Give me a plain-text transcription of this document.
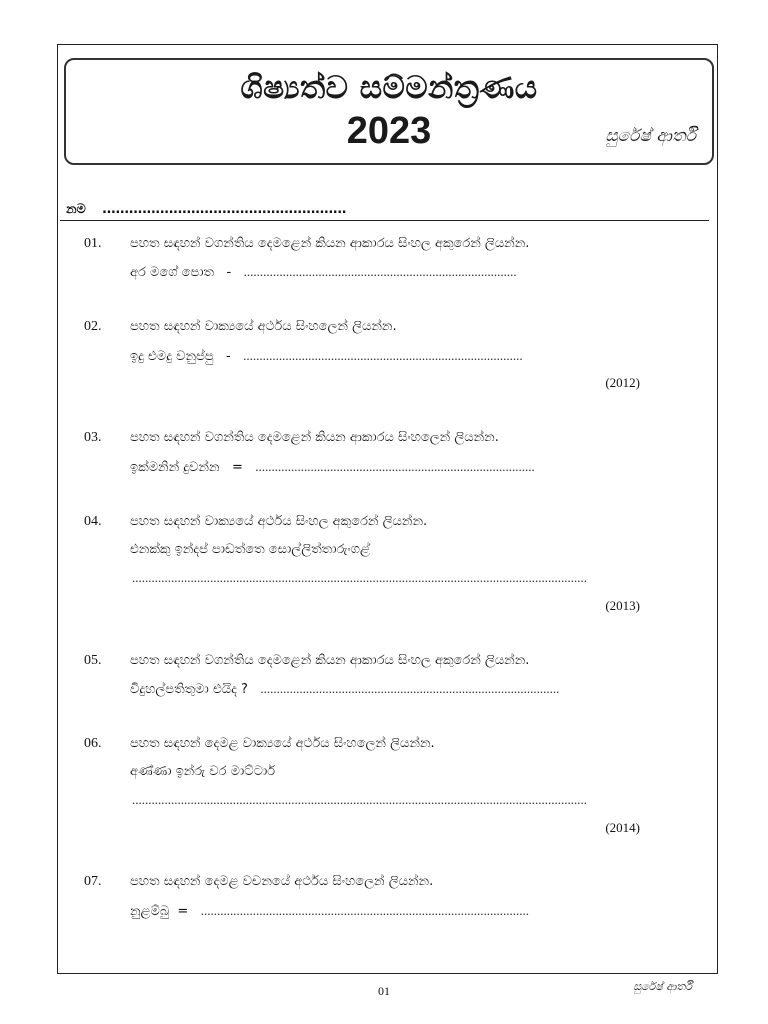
ශිෂ්‍යත්ව සම්මන්ත්‍රණය
2023	සුරේෂ් ආර්ති
නම .......................................................
01. පහත සඳහන් වගන්තිය දෙමළෙන් කියන ආකාරය සිංහල අකුරෙන් ලියන්න.
අර මගේ පොත - ....................................................................................
02. පහත සඳහන් වාක්‍යයේ අර්ථය සිංහලෙන් ලියන්න.
ඉදු එමදු වනුප්පු - ......................................................................................
(2012)
03. පහත සඳහන් වගන්තිය දෙමළෙන් කියන ආකාරය සිංහලෙන් ලියන්න.
ඉක්මනින් දුවන්න = ......................................................................................
04. පහත සඳහන් වාක්‍යයේ අර්ථය සිංහල අකුරෙන් ලියන්න.
එනක්කු ඉන්දප් පාඩත්තෙ සොල්ලිත්තාරුංගළ්
............................................................................................................................................
(2013)
05. පහත සඳහන් වගන්තිය දෙමළෙන් කියන ආකාරය සිංහල අකුරෙන් ලියන්න.
විදුහල්පතිතුමා එයිද ? ............................................................................................
06. පහත සඳහන් දෙමළ වාක්‍යයේ අර්ථය සිංහලෙන් ලියන්න.
අණ්ණා ඉන්රු වර මාට්ටාර්
............................................................................................................................................
(2014)
07. පහත සඳහන් දෙමළ වචනයේ අර්ථය සිංහලෙන් ලියන්න.
නුළම්බු = .....................................................................................................
01	සුරේෂ් ආර්ති
